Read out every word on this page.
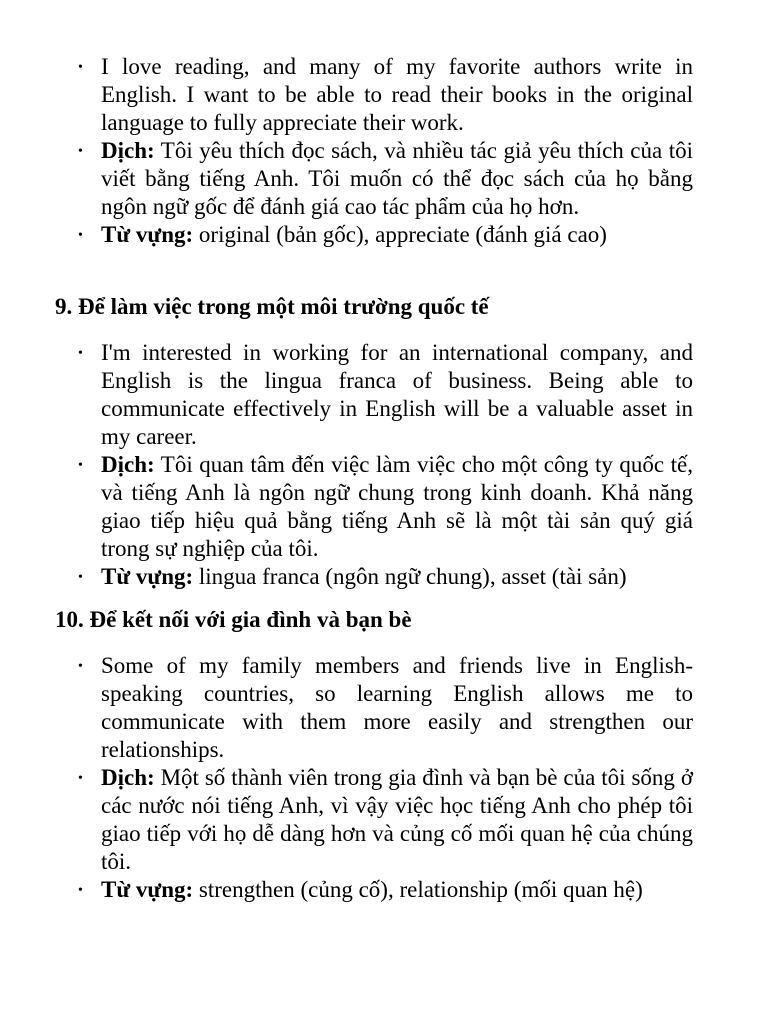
• I love reading, and many of my favorite authors write in English. I want to be able to read their books in the original language to fully appreciate their work.
• Dịch: Tôi yêu thích đọc sách, và nhiều tác giả yêu thích của tôi viết bằng tiếng Anh. Tôi muốn có thể đọc sách của họ bằng ngôn ngữ gốc để đánh giá cao tác phẩm của họ hơn.
• Từ vựng: original (bản gốc), appreciate (đánh giá cao)
9. Để làm việc trong một môi trường quốc tế
• I'm interested in working for an international company, and English is the lingua franca of business. Being able to communicate effectively in English will be a valuable asset in my career.
• Dịch: Tôi quan tâm đến việc làm việc cho một công ty quốc tế, và tiếng Anh là ngôn ngữ chung trong kinh doanh. Khả năng giao tiếp hiệu quả bằng tiếng Anh sẽ là một tài sản quý giá trong sự nghiệp của tôi.
• Từ vựng: lingua franca (ngôn ngữ chung), asset (tài sản)
10. Để kết nối với gia đình và bạn bè
• Some of my family members and friends live in English-speaking countries, so learning English allows me to communicate with them more easily and strengthen our relationships.
• Dịch: Một số thành viên trong gia đình và bạn bè của tôi sống ở các nước nói tiếng Anh, vì vậy việc học tiếng Anh cho phép tôi giao tiếp với họ dễ dàng hơn và củng cố mối quan hệ của chúng tôi.
• Từ vựng: strengthen (củng cố), relationship (mối quan hệ)
